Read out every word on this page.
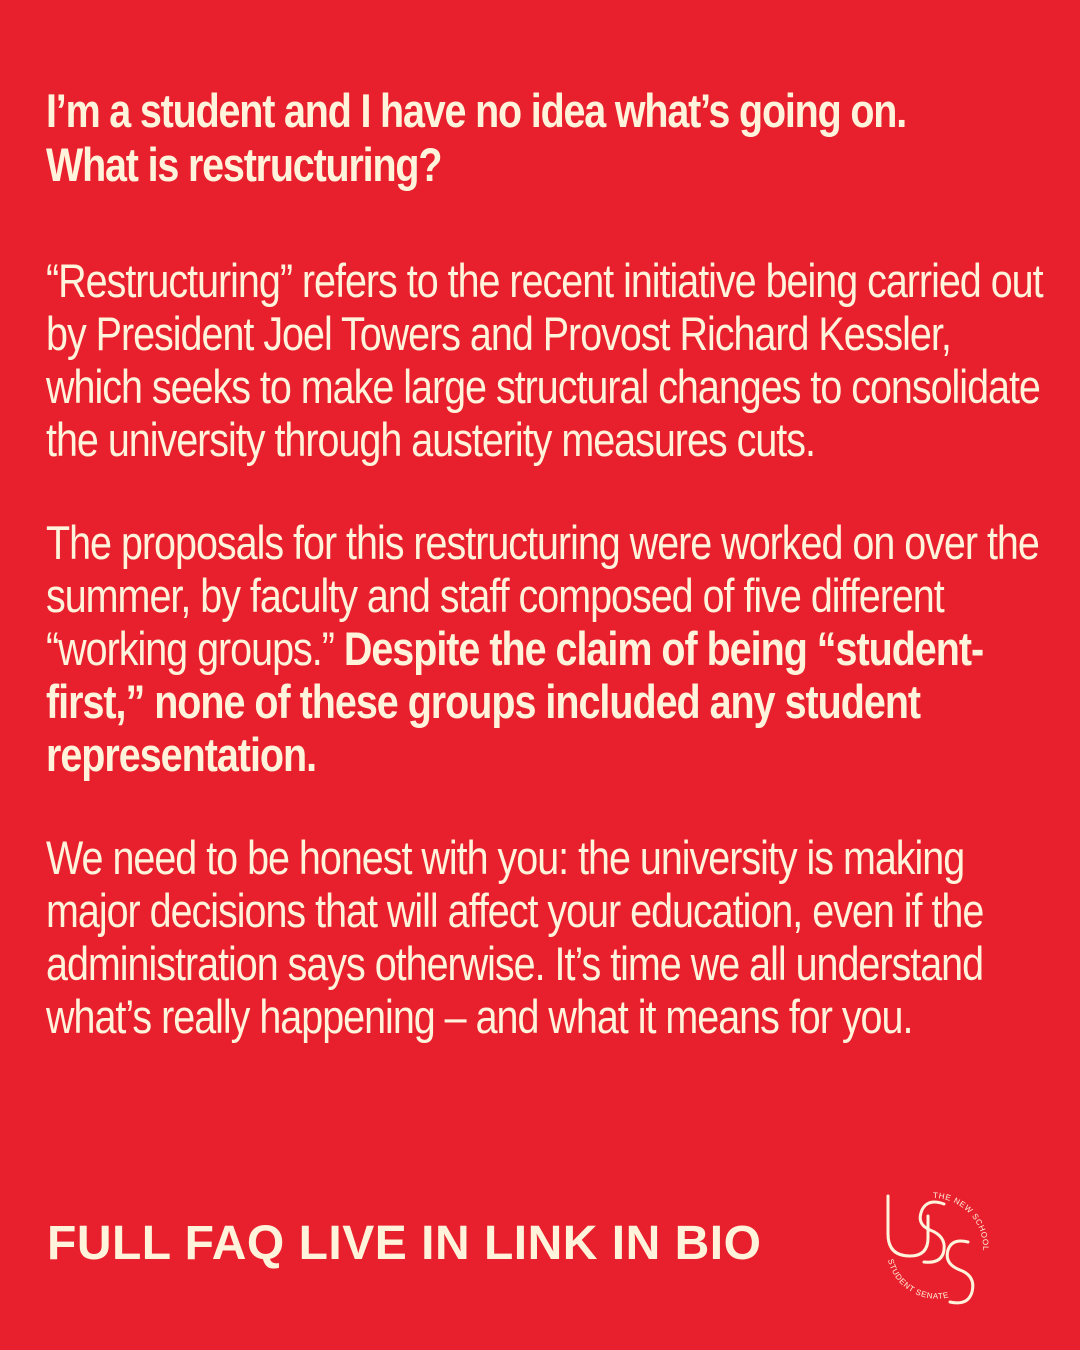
I’m a student and I have no idea what’s going on. What is restructuring?

“Restructuring” refers to the recent initiative being carried out by President Joel Towers and Provost Richard Kessler, which seeks to make large structural changes to consolidate the university through austerity measures cuts.

The proposals for this restructuring were worked on over the summer, by faculty and staff composed of five different “working groups.” Despite the claim of being “student-first,” none of these groups included any student representation.

We need to be honest with you: the university is making major decisions that will affect your education, even if the administration says otherwise. It’s time we all understand what’s really happening – and what it means for you.

FULL FAQ LIVE IN LINK IN BIO
THE NEW SCHOOL
STUDENT SENATE
